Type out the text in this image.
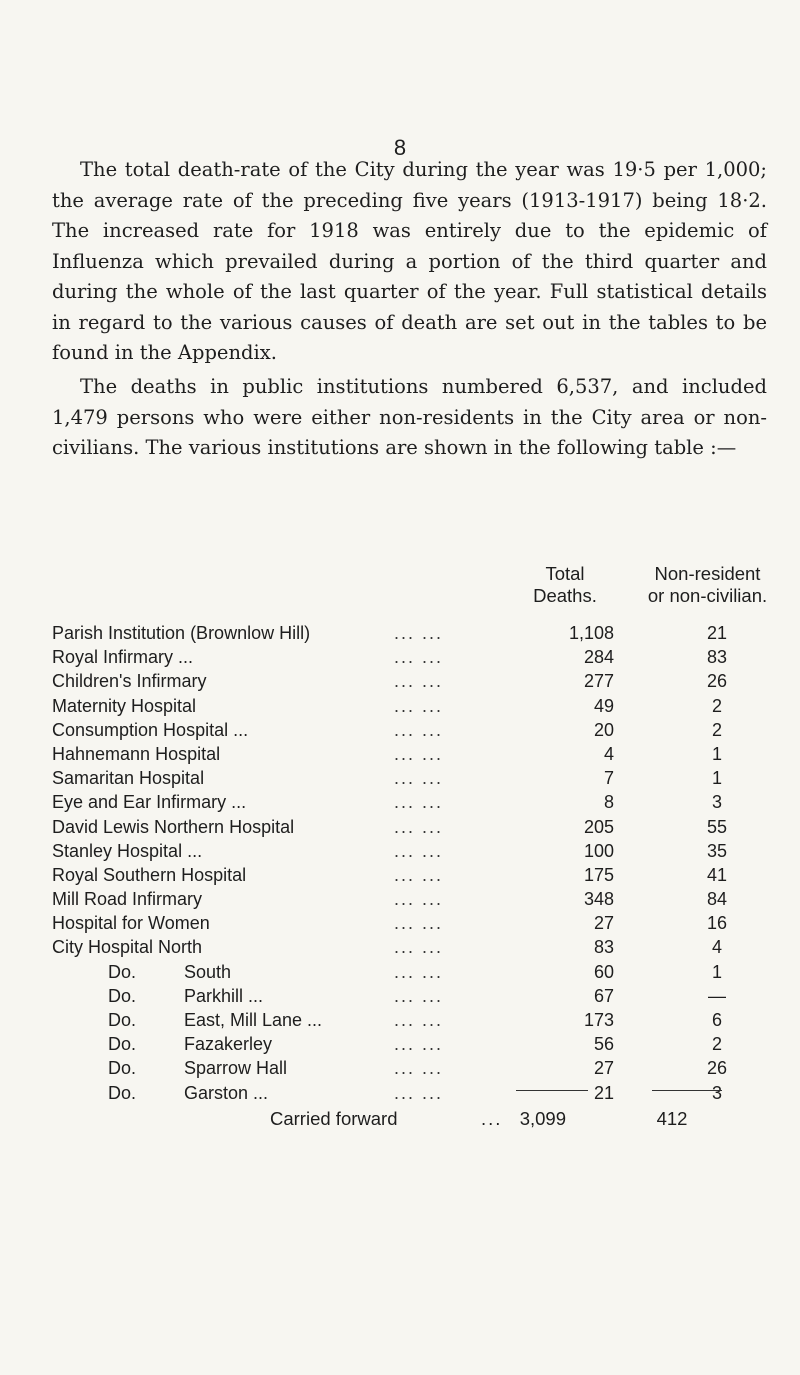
8

The total death-rate of the City during the year was 19·5 per 1,000; the average rate of the preceding five years (1913-1917) being 18·2. The increased rate for 1918 was entirely due to the epidemic of Influenza which prevailed during a portion of the third quarter and during the whole of the last quarter of the year. Full statistical details in regard to the various causes of death are set out in the tables to be found in the Appendix.

The deaths in public institutions numbered 6,537, and included 1,479 persons who were either non-residents in the City area or non-civilians. The various institutions are shown in the following table :—

Total
Deaths.
Non-resident
or non-civilian.
Parish Institution (Brownlow Hill)	... ...	1,108	21
Royal Infirmary ...	... ...	284	83
Children's Infirmary	... ...	277	26
Maternity Hospital	... ...	49	2
Consumption Hospital ...	... ...	20	2
Hahnemann Hospital	... ...	4	1
Samaritan Hospital	... ...	7	1
Eye and Ear Infirmary ...	... ...	8	3
David Lewis Northern Hospital	... ...	205	55
Stanley Hospital ...	... ...	100	35
Royal Southern Hospital	... ...	175	41
Mill Road Infirmary	... ...	348	84
Hospital for Women	... ...	27	16
City Hospital North	... ...	83	4
Do.	South	... ...	60	1
Do.	Parkhill ...	... ...	67	—
Do.	East, Mill Lane ...	... ...	173	6
Do.	Fazakerley	... ...	56	2
Do.	Sparrow Hall	... ...	27	26
Do.	Garston ...	... ...	21	3
Carried forward	... 3,099	412
